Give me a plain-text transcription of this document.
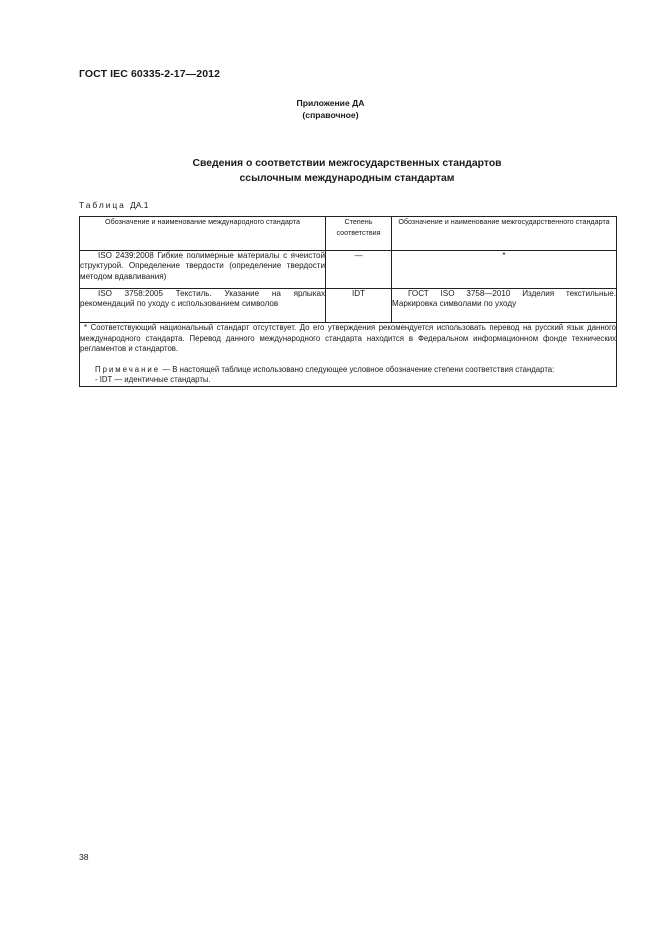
ГОСТ IEC 60335-2-17—2012
Приложение ДА
(справочное)
Сведения о соответствии межгосударственных стандартов
ссылочным международным стандартам
Таблица ДА.1
Обозначение и наименование международного стандарта	Степень соответствия	Обозначение и наименование межгосударственного стандарта
ISO 2439:2008 Гибкие полимерные материалы с ячеистой структурой. Определение твердости (определение твердости методом вдавливания)	—	*
ISO 3758:2005 Текстиль. Указание на ярлыках рекомендаций по уходу с использованием символов	IDT	ГОСТ ISO 3758—2010 Изделия текстильные. Маркировка символами по уходу

* Соответствующий национальный стандарт отсутствует. До его утверждения рекомендуется использовать перевод на русский язык данного международного стандарта. Перевод данного международного стандарта находится в Федеральном информационном фонде технических регламентов и стандартов.

Примечание — В настоящей таблице использовано следующее условное обозначение степени соответствия стандарта:

- IDT — идентичные стандарты.		

38
